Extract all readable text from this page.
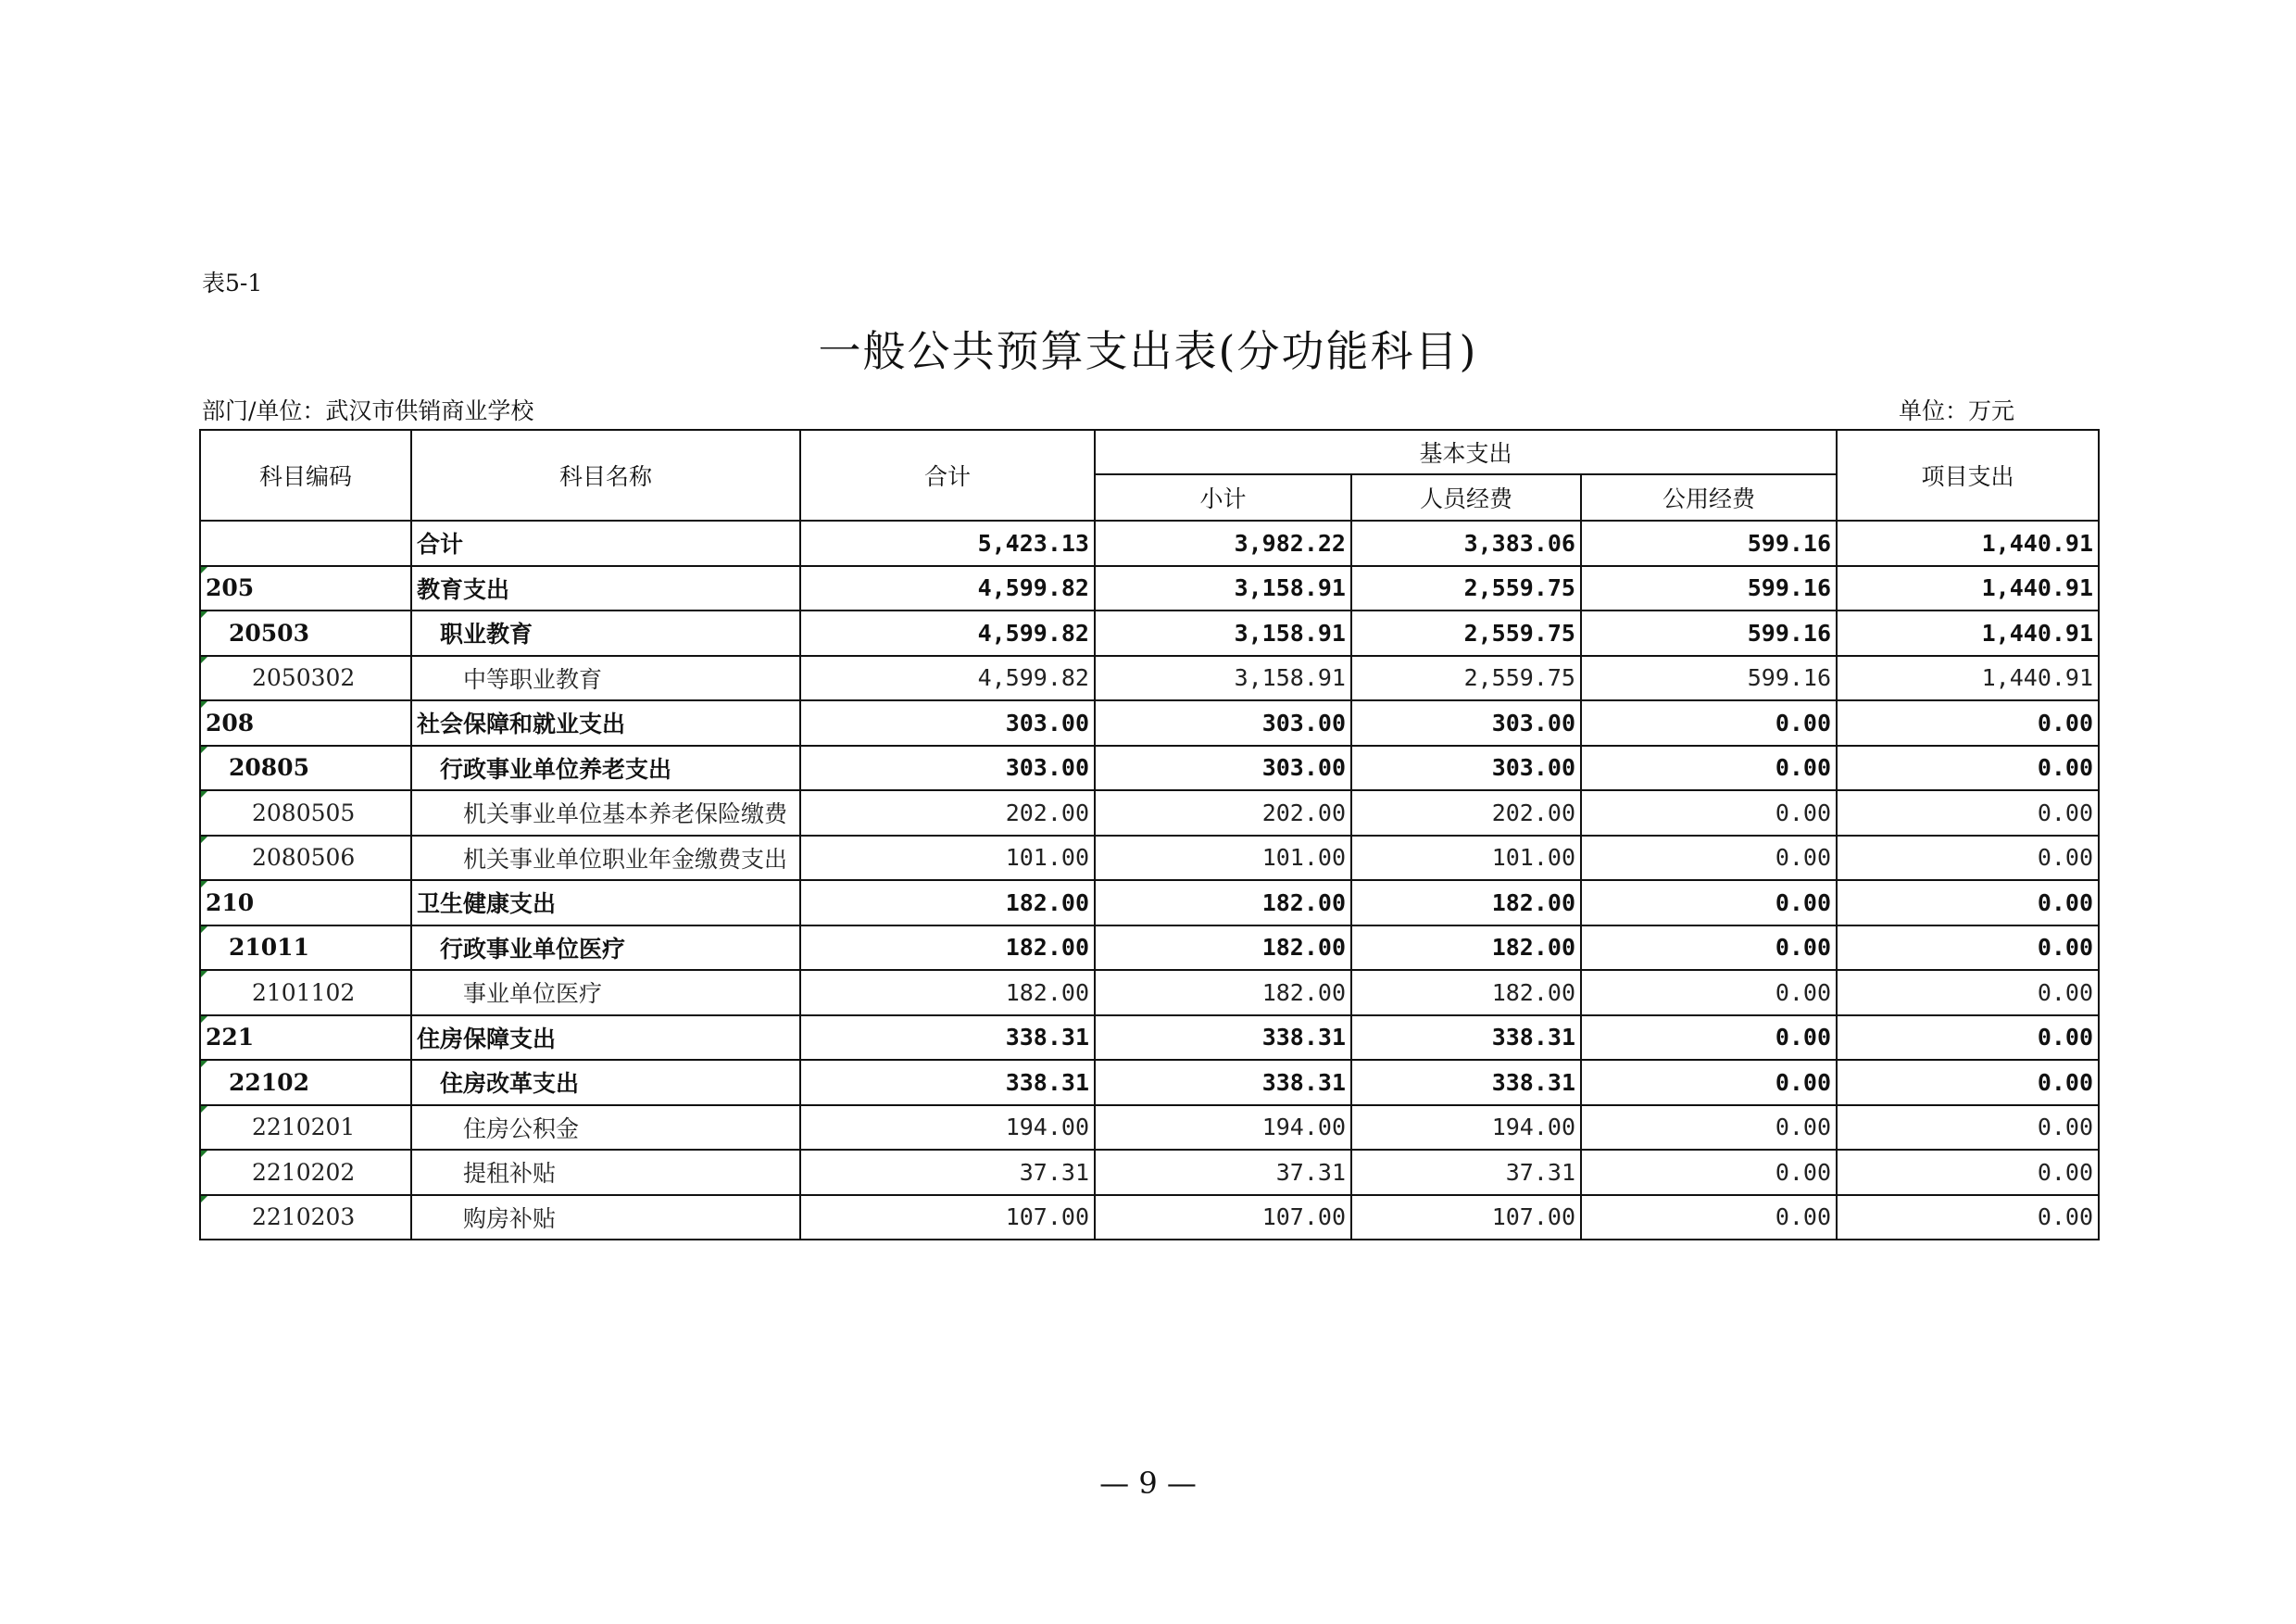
表5-1
一般公共预算支出表(分功能科目)
部门/单位：武汉市供销商业学校	单位：万元
科目编码	科目名称	合计	基本支出			项目支出
			小计	人员经费	公用经费	
	合计	5,423.13	3,982.22	3,383.06	599.16	1,440.91
205	教育支出	4,599.82	3,158.91	2,559.75	599.16	1,440.91
20503	职业教育	4,599.82	3,158.91	2,559.75	599.16	1,440.91
2050302	中等职业教育	4,599.82	3,158.91	2,559.75	599.16	1,440.91
208	社会保障和就业支出	303.00	303.00	303.00	0.00	0.00
20805	行政事业单位养老支出	303.00	303.00	303.00	0.00	0.00
2080505	机关事业单位基本养老保险缴费	202.00	202.00	202.00	0.00	0.00
2080506	机关事业单位职业年金缴费支出	101.00	101.00	101.00	0.00	0.00
210	卫生健康支出	182.00	182.00	182.00	0.00	0.00
21011	行政事业单位医疗	182.00	182.00	182.00	0.00	0.00
2101102	事业单位医疗	182.00	182.00	182.00	0.00	0.00
221	住房保障支出	338.31	338.31	338.31	0.00	0.00
22102	住房改革支出	338.31	338.31	338.31	0.00	0.00
2210201	住房公积金	194.00	194.00	194.00	0.00	0.00
2210202	提租补贴	37.31	37.31	37.31	0.00	0.00
2210203	购房补贴	107.00	107.00	107.00	0.00	0.00
— 9 —
